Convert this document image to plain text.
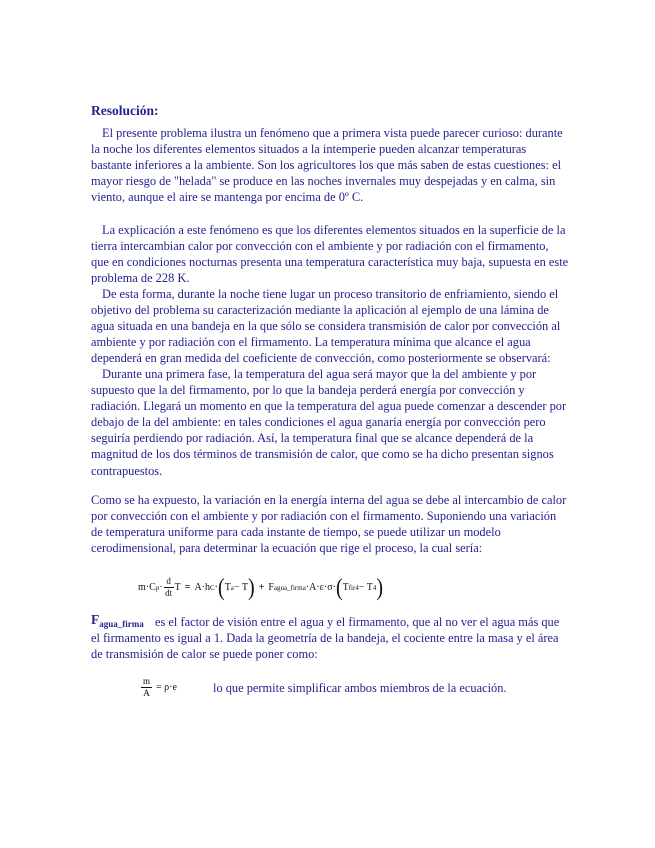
Resolución:

El presente problema ilustra un fenómeno que a primera vista puede parecer curioso: durante la noche los diferentes elementos situados a la intemperie pueden alcanzar temperaturas bastante inferiores a la ambiente. Son los agricultores los que más saben de estas cuestiones: el mayor riesgo de "helada" se produce en las noches invernales muy despejadas y en calma, sin viento, aunque el aire se mantenga por encima de 0º C.

La explicación a este fenómeno es que los diferentes elementos situados en la superficie de la tierra intercambian calor por convección con el ambiente y por radiación con el firmamento, que en condiciones nocturnas presenta una temperatura característica muy baja, supuesta en este problema de 228 K.

De esta forma, durante la noche tiene lugar un proceso transitorio de enfriamiento, siendo el objetivo del problema su caracterización mediante la aplicación al ejemplo de una lámina de agua situada en una bandeja en la que sólo se considera transmisión de calor por convección al ambiente y por radiación con el firmamento. La temperatura mínima que alcance el agua dependerá en gran medida del coeficiente de convección, como posteriormente se observará:

Durante una primera fase, la temperatura del agua será mayor que la del ambiente y por supuesto que la del firmamento, por lo que la bandeja perderá energía por convección y radiación. Llegará un momento en que la temperatura del agua puede comenzar a descender por debajo de la del ambiente: en tales condiciones el agua ganaría energía por convección pero seguiría perdiendo por radiación. Así, la temperatura final que se alcance dependerá de la magnitud de los dos términos de transmisión de calor, que como se ha dicho presentan signos contrapuestos.

Como se ha expuesto, la variación en la energía interna del agua se debe al intercambio de calor por convección con el ambiente y por radiación con el firmamento. Suponiendo una variación de temperatura uniforme para cada instante de tiempo, se puede utilizar un modelo cerodimensional, para determinar la ecuación que rige el proceso, la cual sería:

m·C $p \cdot \frac{d}{dt}$ T = A·h C · ( T a − T ) + F agua_firma ·A·ε·σ· ( T fir 4 − T 4 )
$F_{agua\_firma}$ es el factor de visión entre el agua y el firmamento, que al no ver el agua más que el firmamento es igual a 1. Dada la geometría de la bandeja, el cociente entre la masa y el área de transmisión de calor se puede poner como:

$\frac{m}{A} = \rho\cdot e$	lo que permite simplificar ambos miembros de la ecuación.
